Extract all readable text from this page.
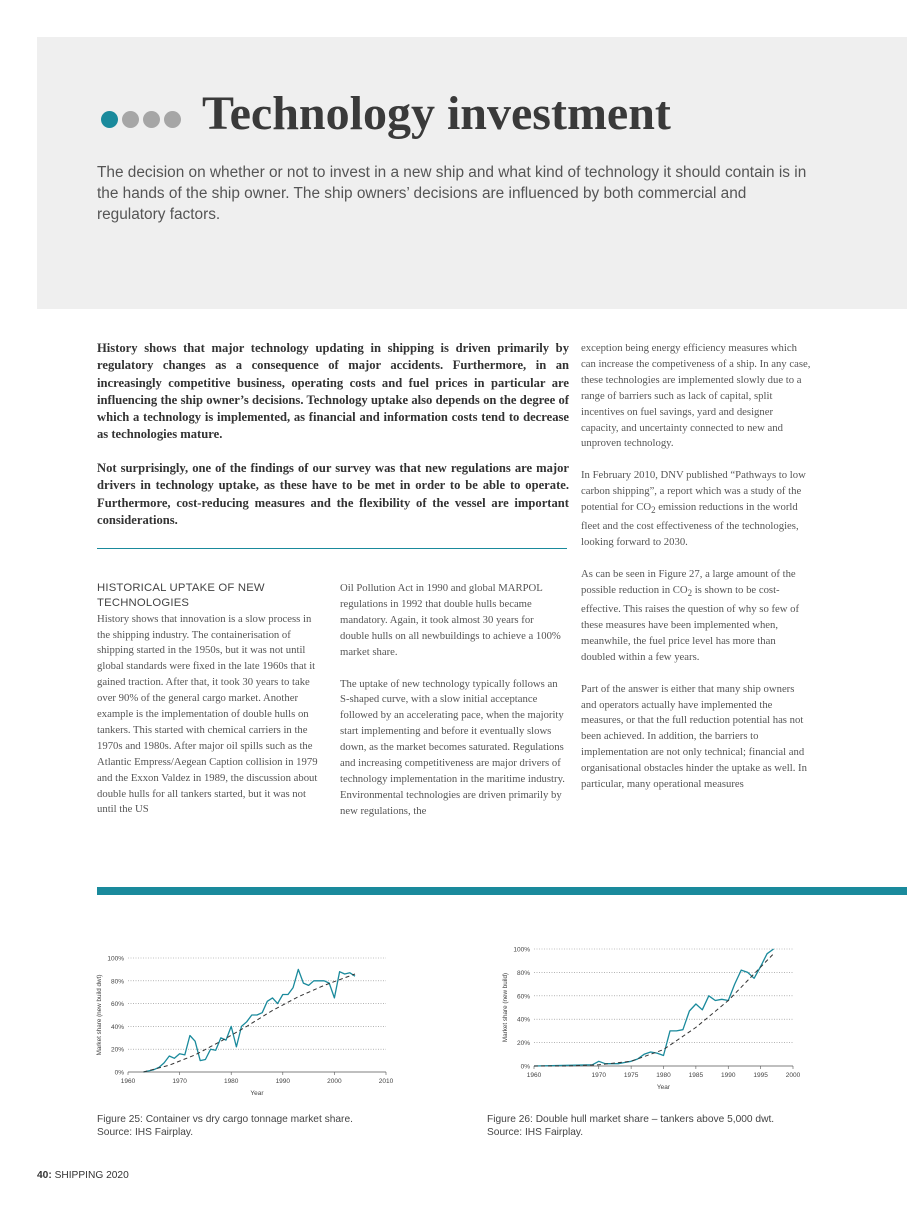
Technology investment

The decision on whether or not to invest in a new ship and what kind of technology it should contain is in the hands of the ship owner. The ship owners’ decisions are influenced by both commercial and regulatory factors.

History shows that major technology updating in shipping is driven primarily by regulatory changes as a consequence of major accidents. Furthermore, in an increasingly competitive business, operating costs and fuel prices in particular are influencing the ship owner’s decisions. Technology uptake also depends on the degree of which a technology is implemented, as financial and information costs tend to decrease as technologies mature.

Not surprisingly, one of the findings of our survey was that new regulations are major drivers in technology uptake, as these have to be met in order to be able to operate. Furthermore, cost-reducing measures and the flexibility of the vessel are important considerations.

HISTORICAL UPTAKE OF NEW TECHNOLOGIES

History shows that innovation is a slow process in the shipping industry. The containerisation of shipping started in the 1950s, but it was not until global standards were fixed in the late 1960s that it gained traction. After that, it took 30 years to take over 90% of the general cargo market. Another example is the implementation of double hulls on tankers. This started with chemical carriers in the 1970s and 1980s. After major oil spills such as the Atlantic Empress/Aegean Caption collision in 1979 and the Exxon Valdez in 1989, the discussion about double hulls for all tankers started, but it was not until the US

Oil Pollution Act in 1990 and global MARPOL regulations in 1992 that double hulls became mandatory. Again, it took almost 30 years for double hulls on all newbuildings to achieve a 100% market share.

The uptake of new technology typically follows an S-shaped curve, with a slow initial acceptance followed by an accelerating pace, when the majority start implementing and before it eventually slows down, as the market becomes saturated. Regulations and increasing competitiveness are major drivers of technology implementation in the maritime industry. Environmental technologies are driven primarily by new regulations, the

exception being energy efficiency measures which can increase the competiveness of a ship. In any case, these technologies are implemented slowly due to a range of barriers such as lack of capital, split incentives on fuel savings, yard and designer capacity, and uncertainty connected to new and unproven technology.

In February 2010, DNV published “Pathways to low carbon shipping”, a report which was a study of the potential for $CO_2$ emission reductions in the world fleet and the cost effectiveness of the technologies, looking forward to 2030.

As can be seen in Figure 27, a large amount of the possible reduction in $CO_2$ is shown to be cost-effective. This raises the question of why so few of these measures have been implemented when, meanwhile, the fuel price level has more than doubled within a few years.

Part of the answer is either that many ship owners and operators actually have implemented the measures, or that the full reduction potential has not been achieved. In addition, the barriers to implementation are not only technical; financial and organisational obstacles hinder the uptake as well. In particular, many operational measures

0%
20%
40%
60%
80%
100%
1960	1970	1980	1990	2000	2010
Year
Market share (new build dwt)
0%
20%
40%
60%
80%
100%
1960	1970	1975	1980	1985	1990	1995	2000
Year
Market share (new build)
Figure 25: Container vs dry cargo tonnage market share.
Source: IHS Fairplay.
Figure 26: Double hull market share – tankers above 5,000 dwt.
Source: IHS Fairplay.
40: SHIPPING 2020
